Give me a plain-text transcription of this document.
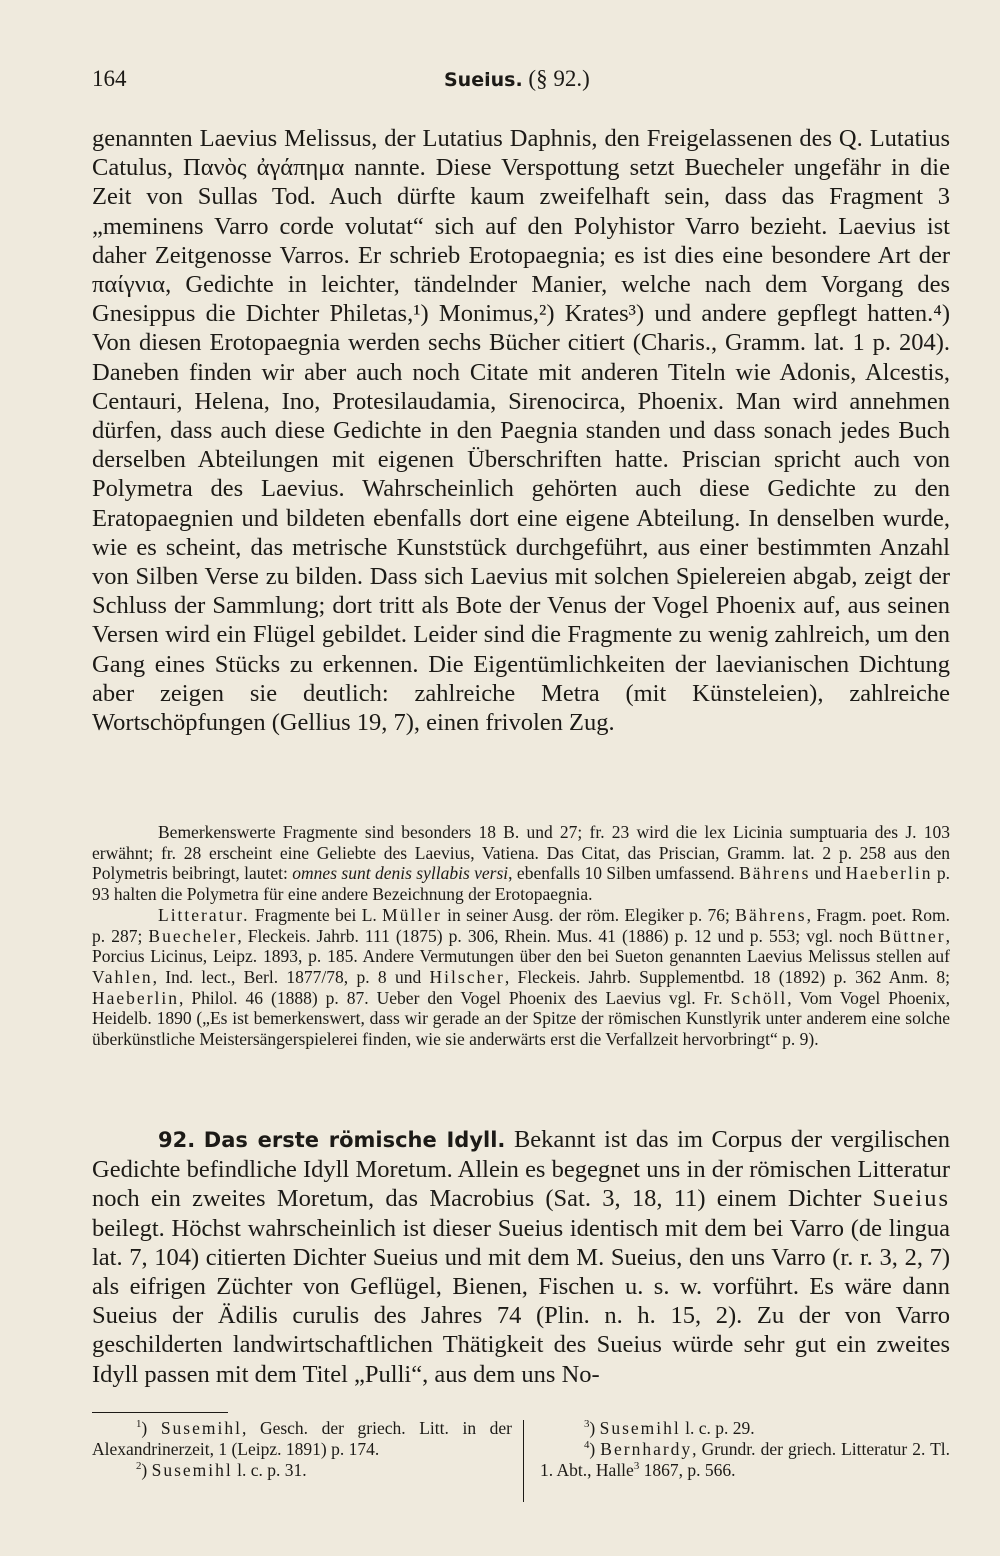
164	Sueius. (§ 92.)

genannten Laevius Melissus, der Lutatius Daphnis, den Freigelassenen des Q. Lutatius Catulus, Πανὸς ἀγάπημα nannte. Diese Verspottung setzt Buecheler ungefähr in die Zeit von Sullas Tod. Auch dürfte kaum zweifelhaft sein, dass das Fragment 3 „meminens Varro corde volutat“ sich auf den Polyhistor Varro bezieht. Laevius ist daher Zeitgenosse Varros. Er schrieb Erotopaegnia; es ist dies eine besondere Art der παίγνια, Gedichte in leichter, tändelnder Manier, welche nach dem Vorgang des Gnesippus die Dichter Philetas,¹) Monimus,²) Krates³) und andere gepflegt hatten.⁴) Von diesen Erotopaegnia werden sechs Bücher citiert (Charis., Gramm. lat. 1 p. 204). Daneben finden wir aber auch noch Citate mit anderen Titeln wie Adonis, Alcestis, Centauri, Helena, Ino, Protesilaudamia, Sirenocirca, Phoenix. Man wird annehmen dürfen, dass auch diese Gedichte in den Paegnia standen und dass sonach jedes Buch derselben Abteilungen mit eigenen Überschriften hatte. Priscian spricht auch von Polymetra des Laevius. Wahrscheinlich gehörten auch diese Gedichte zu den Eratopaegnien und bildeten ebenfalls dort eine eigene Abteilung. In denselben wurde, wie es scheint, das metrische Kunststück durchgeführt, aus einer bestimmten Anzahl von Silben Verse zu bilden. Dass sich Laevius mit solchen Spielereien abgab, zeigt der Schluss der Sammlung; dort tritt als Bote der Venus der Vogel Phoenix auf, aus seinen Versen wird ein Flügel gebildet. Leider sind die Fragmente zu wenig zahlreich, um den Gang eines Stücks zu erkennen. Die Eigentümlichkeiten der laevianischen Dichtung aber zeigen sie deutlich: zahlreiche Metra (mit Künsteleien), zahlreiche Wortschöpfungen (Gellius 19, 7), einen frivolen Zug.

Bemerkenswerte Fragmente sind besonders 18 B. und 27; fr. 23 wird die lex Licinia sumptuaria des J. 103 erwähnt; fr. 28 erscheint eine Geliebte des Laevius, Vatiena. Das Citat, das Priscian, Gramm. lat. 2 p. 258 aus den Polymetris beibringt, lautet: omnes sunt denis syllabis versi, ebenfalls 10 Silben umfassend. Bährens und Haeberlin p. 93 halten die Polymetra für eine andere Bezeichnung der Erotopaegnia.

Litteratur. Fragmente bei L. Müller in seiner Ausg. der röm. Elegiker p. 76; Bährens, Fragm. poet. Rom. p. 287; Buecheler, Fleckeis. Jahrb. 111 (1875) p. 306, Rhein. Mus. 41 (1886) p. 12 und p. 553; vgl. noch Büttner, Porcius Licinus, Leipz. 1893, p. 185. Andere Vermutungen über den bei Sueton genannten Laevius Melissus stellen auf Vahlen, Ind. lect., Berl. 1877/78, p. 8 und Hilscher, Fleckeis. Jahrb. Supplementbd. 18 (1892) p. 362 Anm. 8; Haeberlin, Philol. 46 (1888) p. 87. Ueber den Vogel Phoenix des Laevius vgl. Fr. Schöll, Vom Vogel Phoenix, Heidelb. 1890 („Es ist bemerkenswert, dass wir gerade an der Spitze der römischen Kunstlyrik unter anderem eine solche überkünstliche Meistersängerspielerei finden, wie sie anderwärts erst die Verfallzeit hervorbringt“ p. 9).

92. Das erste römische Idyll. Bekannt ist das im Corpus der vergilischen Gedichte befindliche Idyll Moretum. Allein es begegnet uns in der römischen Litteratur noch ein zweites Moretum, das Macrobius (Sat. 3, 18, 11) einem Dichter Sueius beilegt. Höchst wahrscheinlich ist dieser Sueius identisch mit dem bei Varro (de lingua lat. 7, 104) citierten Dichter Sueius und mit dem M. Sueius, den uns Varro (r. r. 3, 2, 7) als eifrigen Züchter von Geflügel, Bienen, Fischen u. s. w. vorführt. Es wäre dann Sueius der Ädilis curulis des Jahres 74 (Plin. n. h. 15, 2). Zu der von Varro geschilderten landwirtschaftlichen Thätigkeit des Sueius würde sehr gut ein zweites Idyll passen mit dem Titel „Pulli“, aus dem uns No-

$^1$) Susemihl, Gesch. der griech. Litt. in der Alexandrinerzeit, 1 (Leipz. 1891) p. 174.

$^2$) Susemihl l. c. p. 31.

$^3$) Susemihl l. c. p. 29.

$^4$) Bernhardy, Grundr. der griech. Litteratur 2. Tl. 1. Abt., Halle$^3$ 1867, p. 566.
